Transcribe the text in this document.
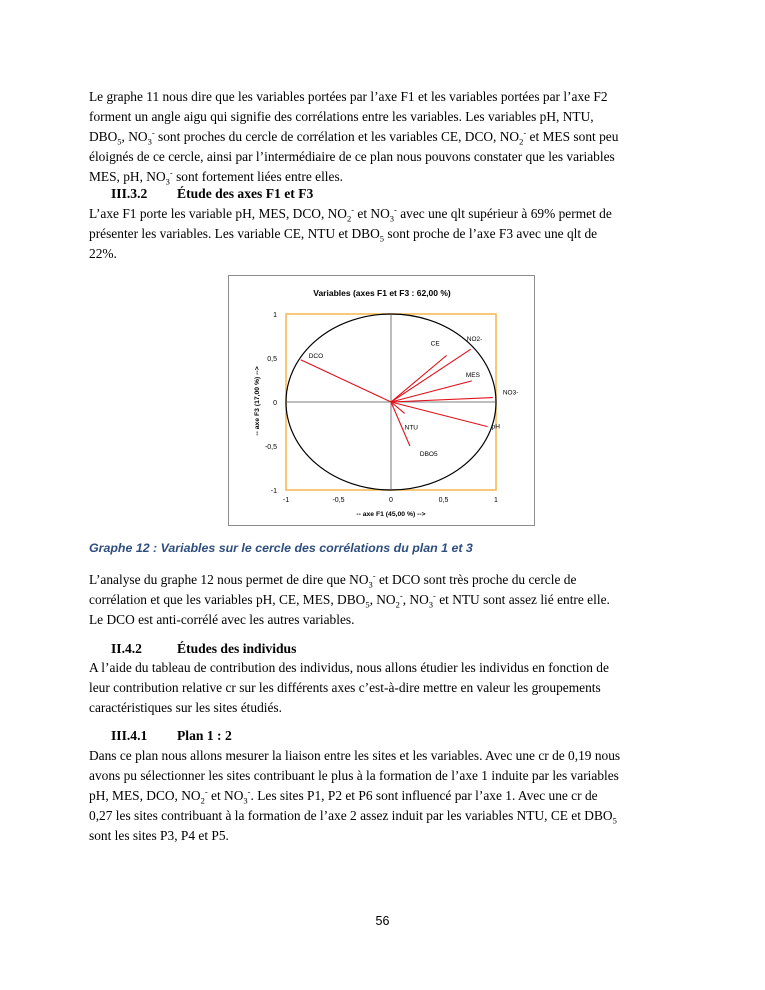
Le graphe 11 nous dire que les variables portées par l’axe F1 et les variables portées par l’axe F2
forment un angle aigu qui signifie des corrélations entre les variables. Les variables pH, NTU,
$DBO_5$, $NO_3^-$ sont proches du cercle de corrélation et les variables CE, DCO, $NO_2^-$ et MES sont peu
éloignés de ce cercle, ainsi par l’intermédiaire de ce plan nous pouvons constater que les variables
MES, pH, $NO_3^-$ sont fortement liées entre elles.
III.3.2 Étude des axes F1 et F3
L’axe F1 porte les variable pH, MES, DCO, $NO_2^-$ et $NO_3^-$ avec une qlt supérieur à 69% permet de
présenter les variables. Les variable CE, NTU et $DBO_5$ sont proche de l’axe F3 avec une qlt de
22%.
Variables (axes F1 et F3 : 62,00 %)
1
0,5
0
-0,5
-1
-1	-0,5	0	0,5	1
DCO
CE
NO2-
MES
NO3-
pH
NTU
DBO5
-- axe F1 (45,00 %) -->
-- axe F3 (17,00 %) -->
Graphe 12 : Variables sur le cercle des corrélations du plan 1 et 3
L’analyse du graphe 12 nous permet de dire que $NO_3^-$ et DCO sont très proche du cercle de
corrélation et que les variables pH, CE, MES, $DBO_5$, $NO_2^-$, $NO_3^-$ et NTU sont assez lié entre elle.
Le DCO est anti-corrélé avec les autres variables.
II.4.2	Études des individus
A l’aide du tableau de contribution des individus, nous allons étudier les individus en fonction de
leur contribution relative cr sur les différents axes c’est-à-dire mettre en valeur les groupements
caractéristiques sur les sites étudiés.
III.4.1 Plan 1 : 2
Dans ce plan nous allons mesurer la liaison entre les sites et les variables. Avec une cr de 0,19 nous
avons pu sélectionner les sites contribuant le plus à la formation de l’axe 1 induite par les variables
pH, MES, DCO, $NO_2^-$ et $NO_3^-$. Les sites P1, P2 et P6 sont influencé par l’axe 1. Avec une cr de
0,27 les sites contribuant à la formation de l’axe 2 assez induit par les variables NTU, CE et $DBO_5$
sont les sites P3, P4 et P5.
56
